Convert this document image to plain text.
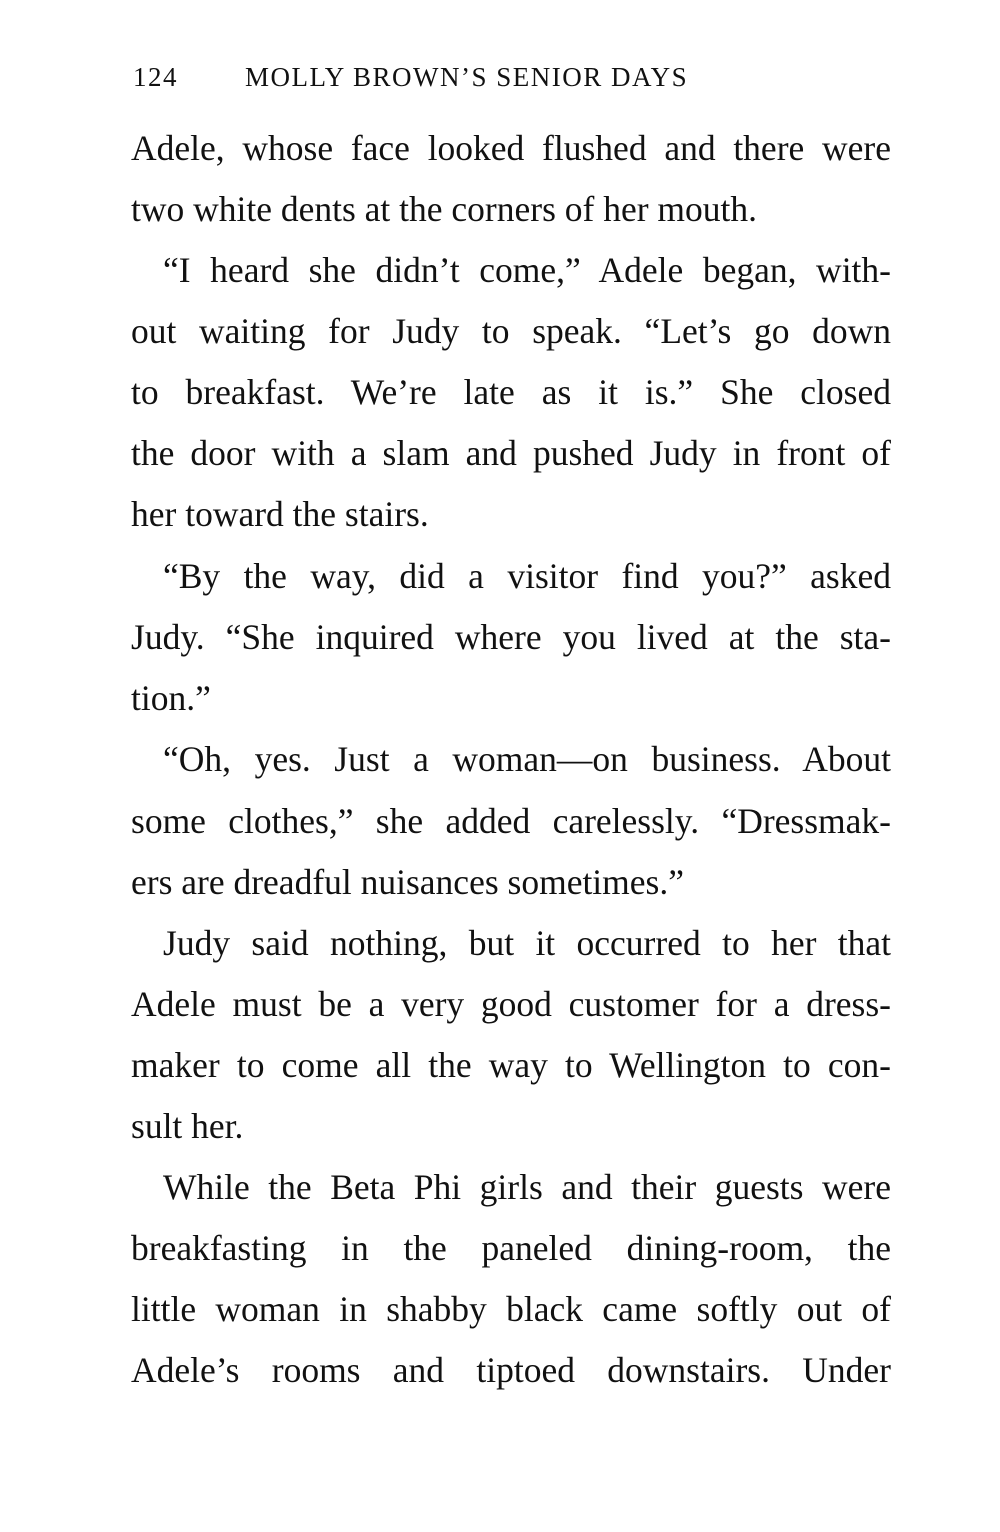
124 MOLLY BROWN’S SENIOR DAYS
Adele, whose face looked flushed and there were
two white dents at the corners of her mouth.
“I heard she didn’t come,” Adele began, with-
out waiting for Judy to speak. “Let’s go down
to breakfast. We’re late as it is.” She closed
the door with a slam and pushed Judy in front of
her toward the stairs.
“By the way, did a visitor find you?” asked
Judy. “She inquired where you lived at the sta-
tion.”
“Oh, yes. Just a woman—on business. About
some clothes,” she added carelessly. “Dressmak-
ers are dreadful nuisances sometimes.”
Judy said nothing, but it occurred to her that
Adele must be a very good customer for a dress-
maker to come all the way to Wellington to con-
sult her.
While the Beta Phi girls and their guests were
breakfasting in the paneled dining-room, the
little woman in shabby black came softly out of
Adele’s rooms and tiptoed downstairs. Under
